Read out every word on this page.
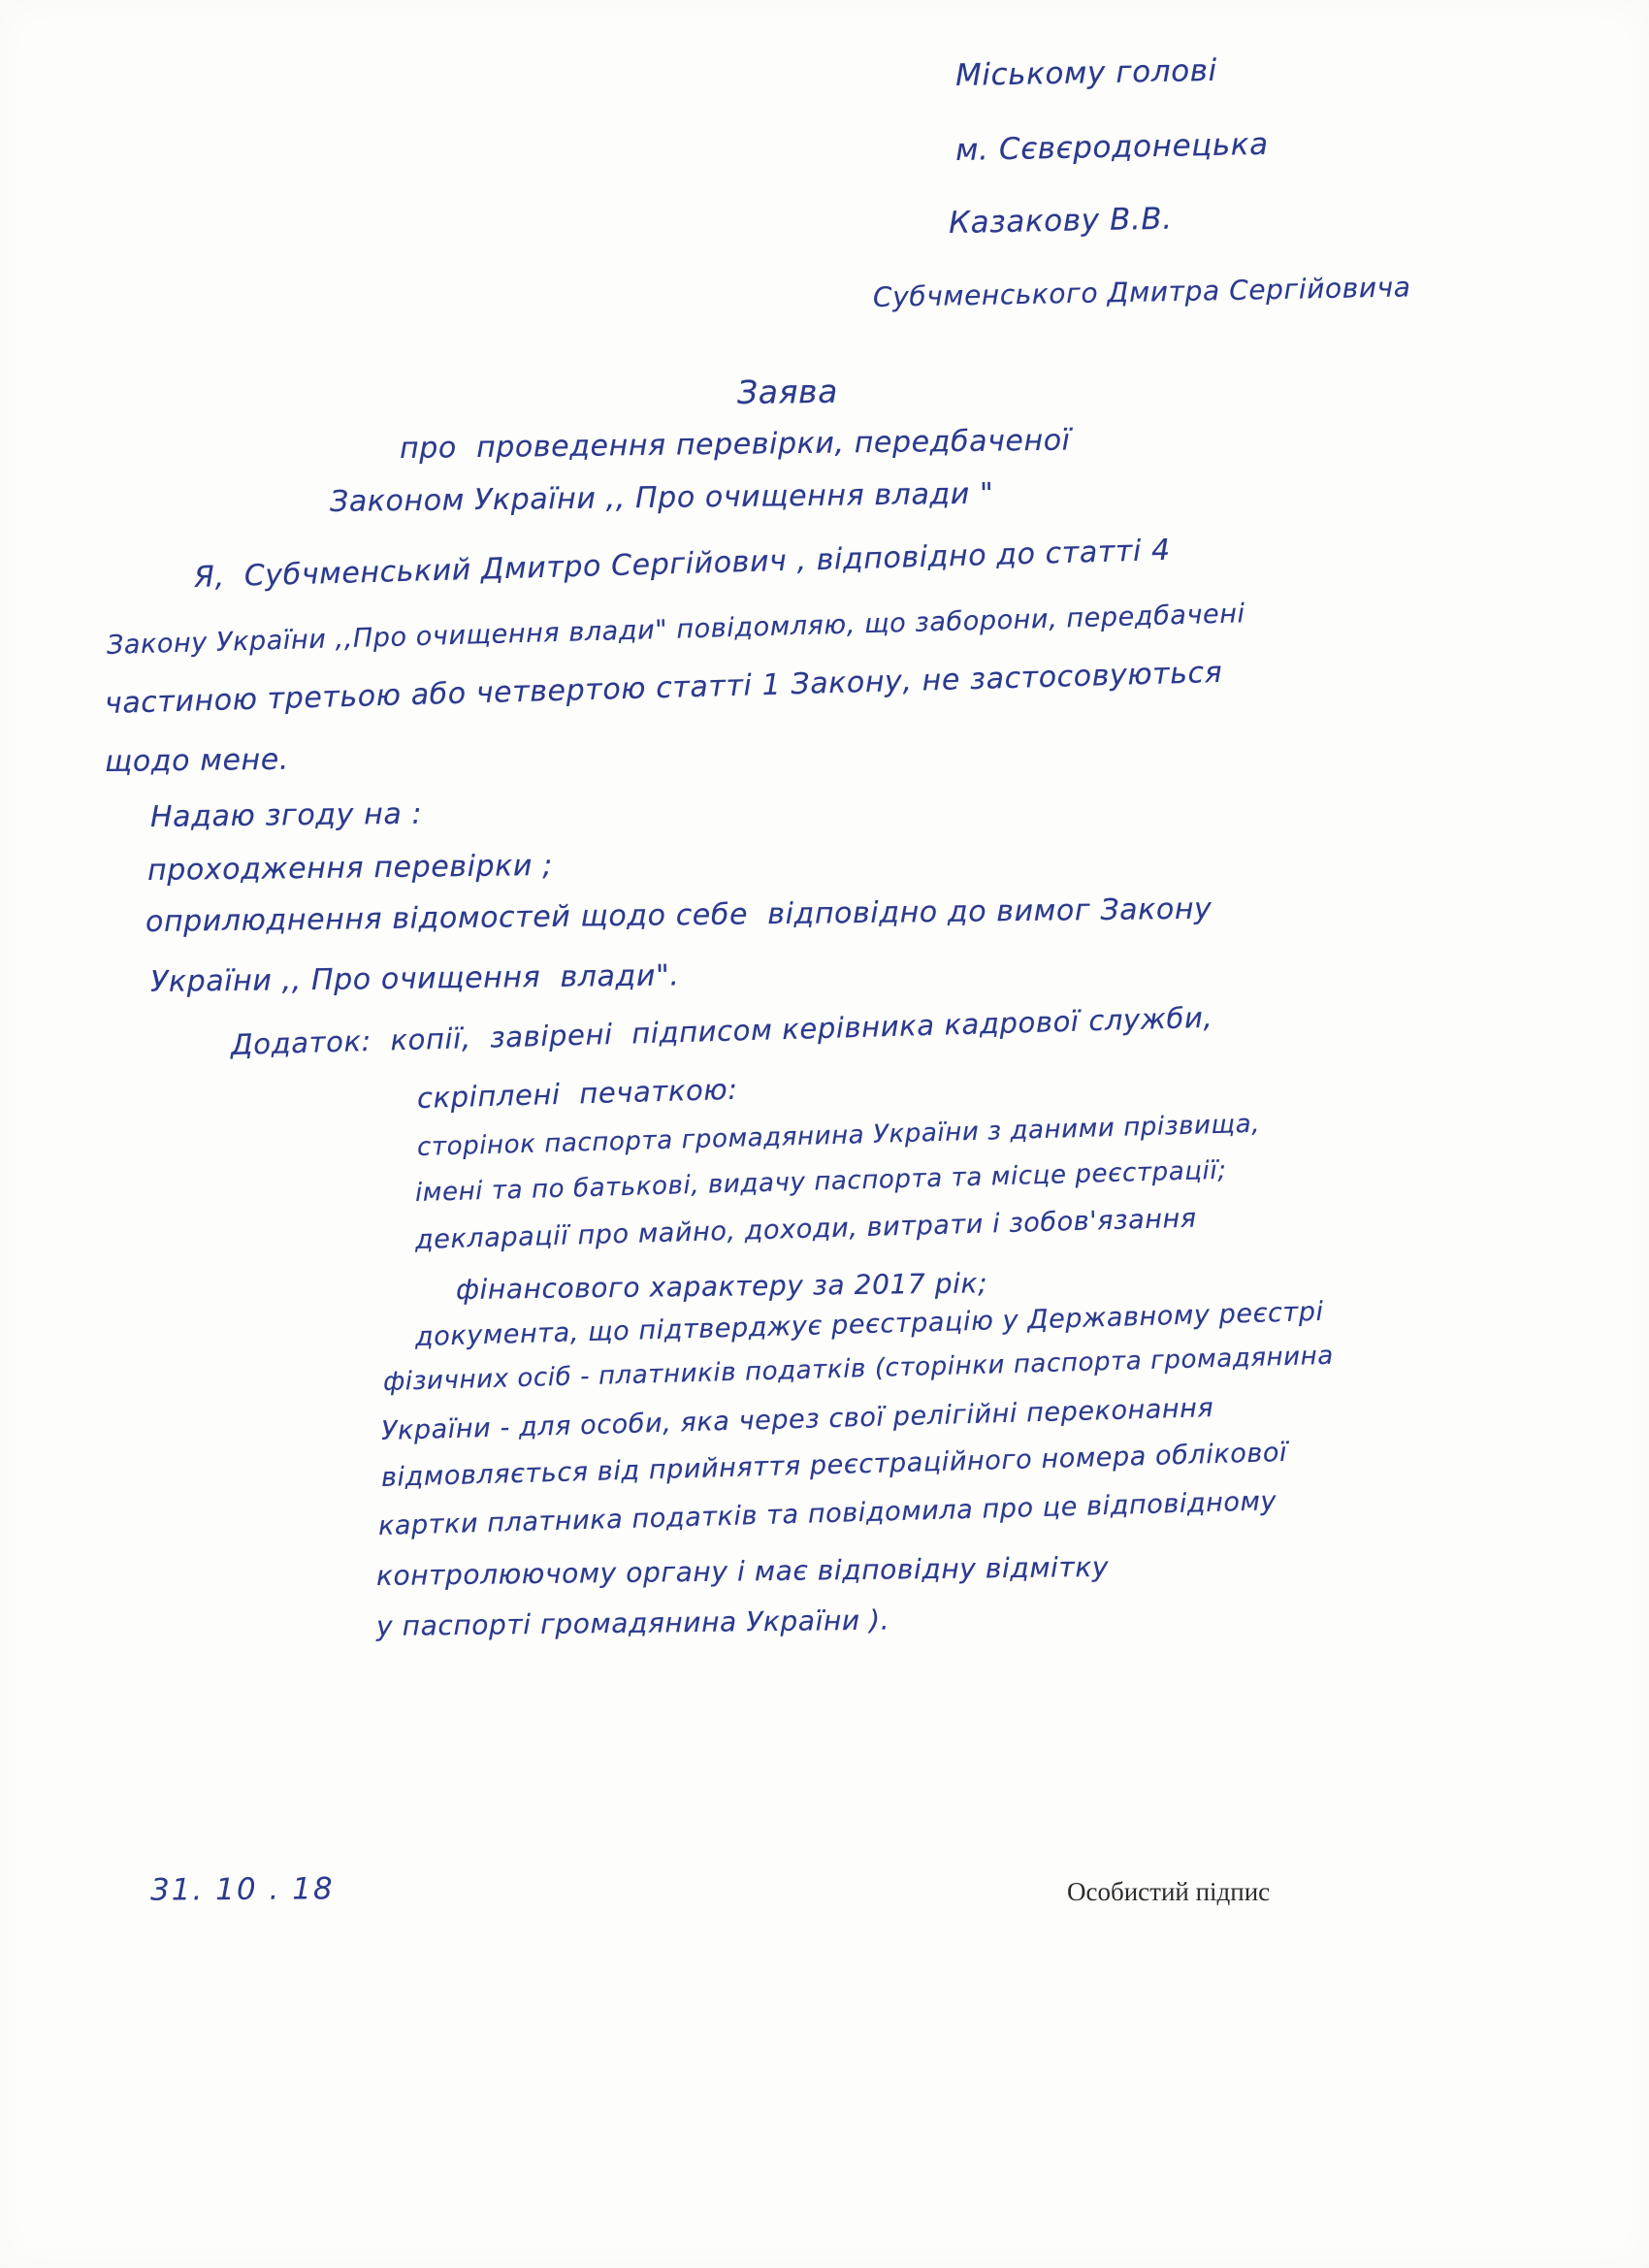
Міському голові
м. Сєвєродонецька
Казакову В.В.
Субчменського Дмитра Сергійовича
Заява
про  проведення перевірки, передбаченої
Законом України ,, Про очищення влади "
Я,  Субчменський Дмитро Сергійович , відповідно до статті 4
Закону України ,,Про очищення влади" повідомляю, що заборони, передбачені
частиною третьою або четвертою статті 1 Закону, не застосовуються
щодо мене.
Надаю згоду на :
проходження перевірки ;
оприлюднення відомостей щодо себе  відповідно до вимог Закону
України ,, Про очищення  влади".
Додаток:  копії,  завірені  підписом керівника кадрової служби,
скріплені  печаткою:
сторінок паспорта громадянина України з даними прізвища,
імені та по батькові, видачу паспорта та місце реєстрації;
декларації про майно, доходи, витрати і зобов'язання
фінансового характеру за 2017 рік;
документа, що підтверджує реєстрацію у Державному реєстрі
фізичних осіб - платників податків (сторінки паспорта громадянина
України - для особи, яка через свої релігійні переконання
відмовляється від прийняття реєстраційного номера облікової
картки платника податків та повідомила про це відповідному
контролюючому органу і має відповідну відмітку
у паспорті громадянина України ).
31. 10 . 18	Особистий підпис
